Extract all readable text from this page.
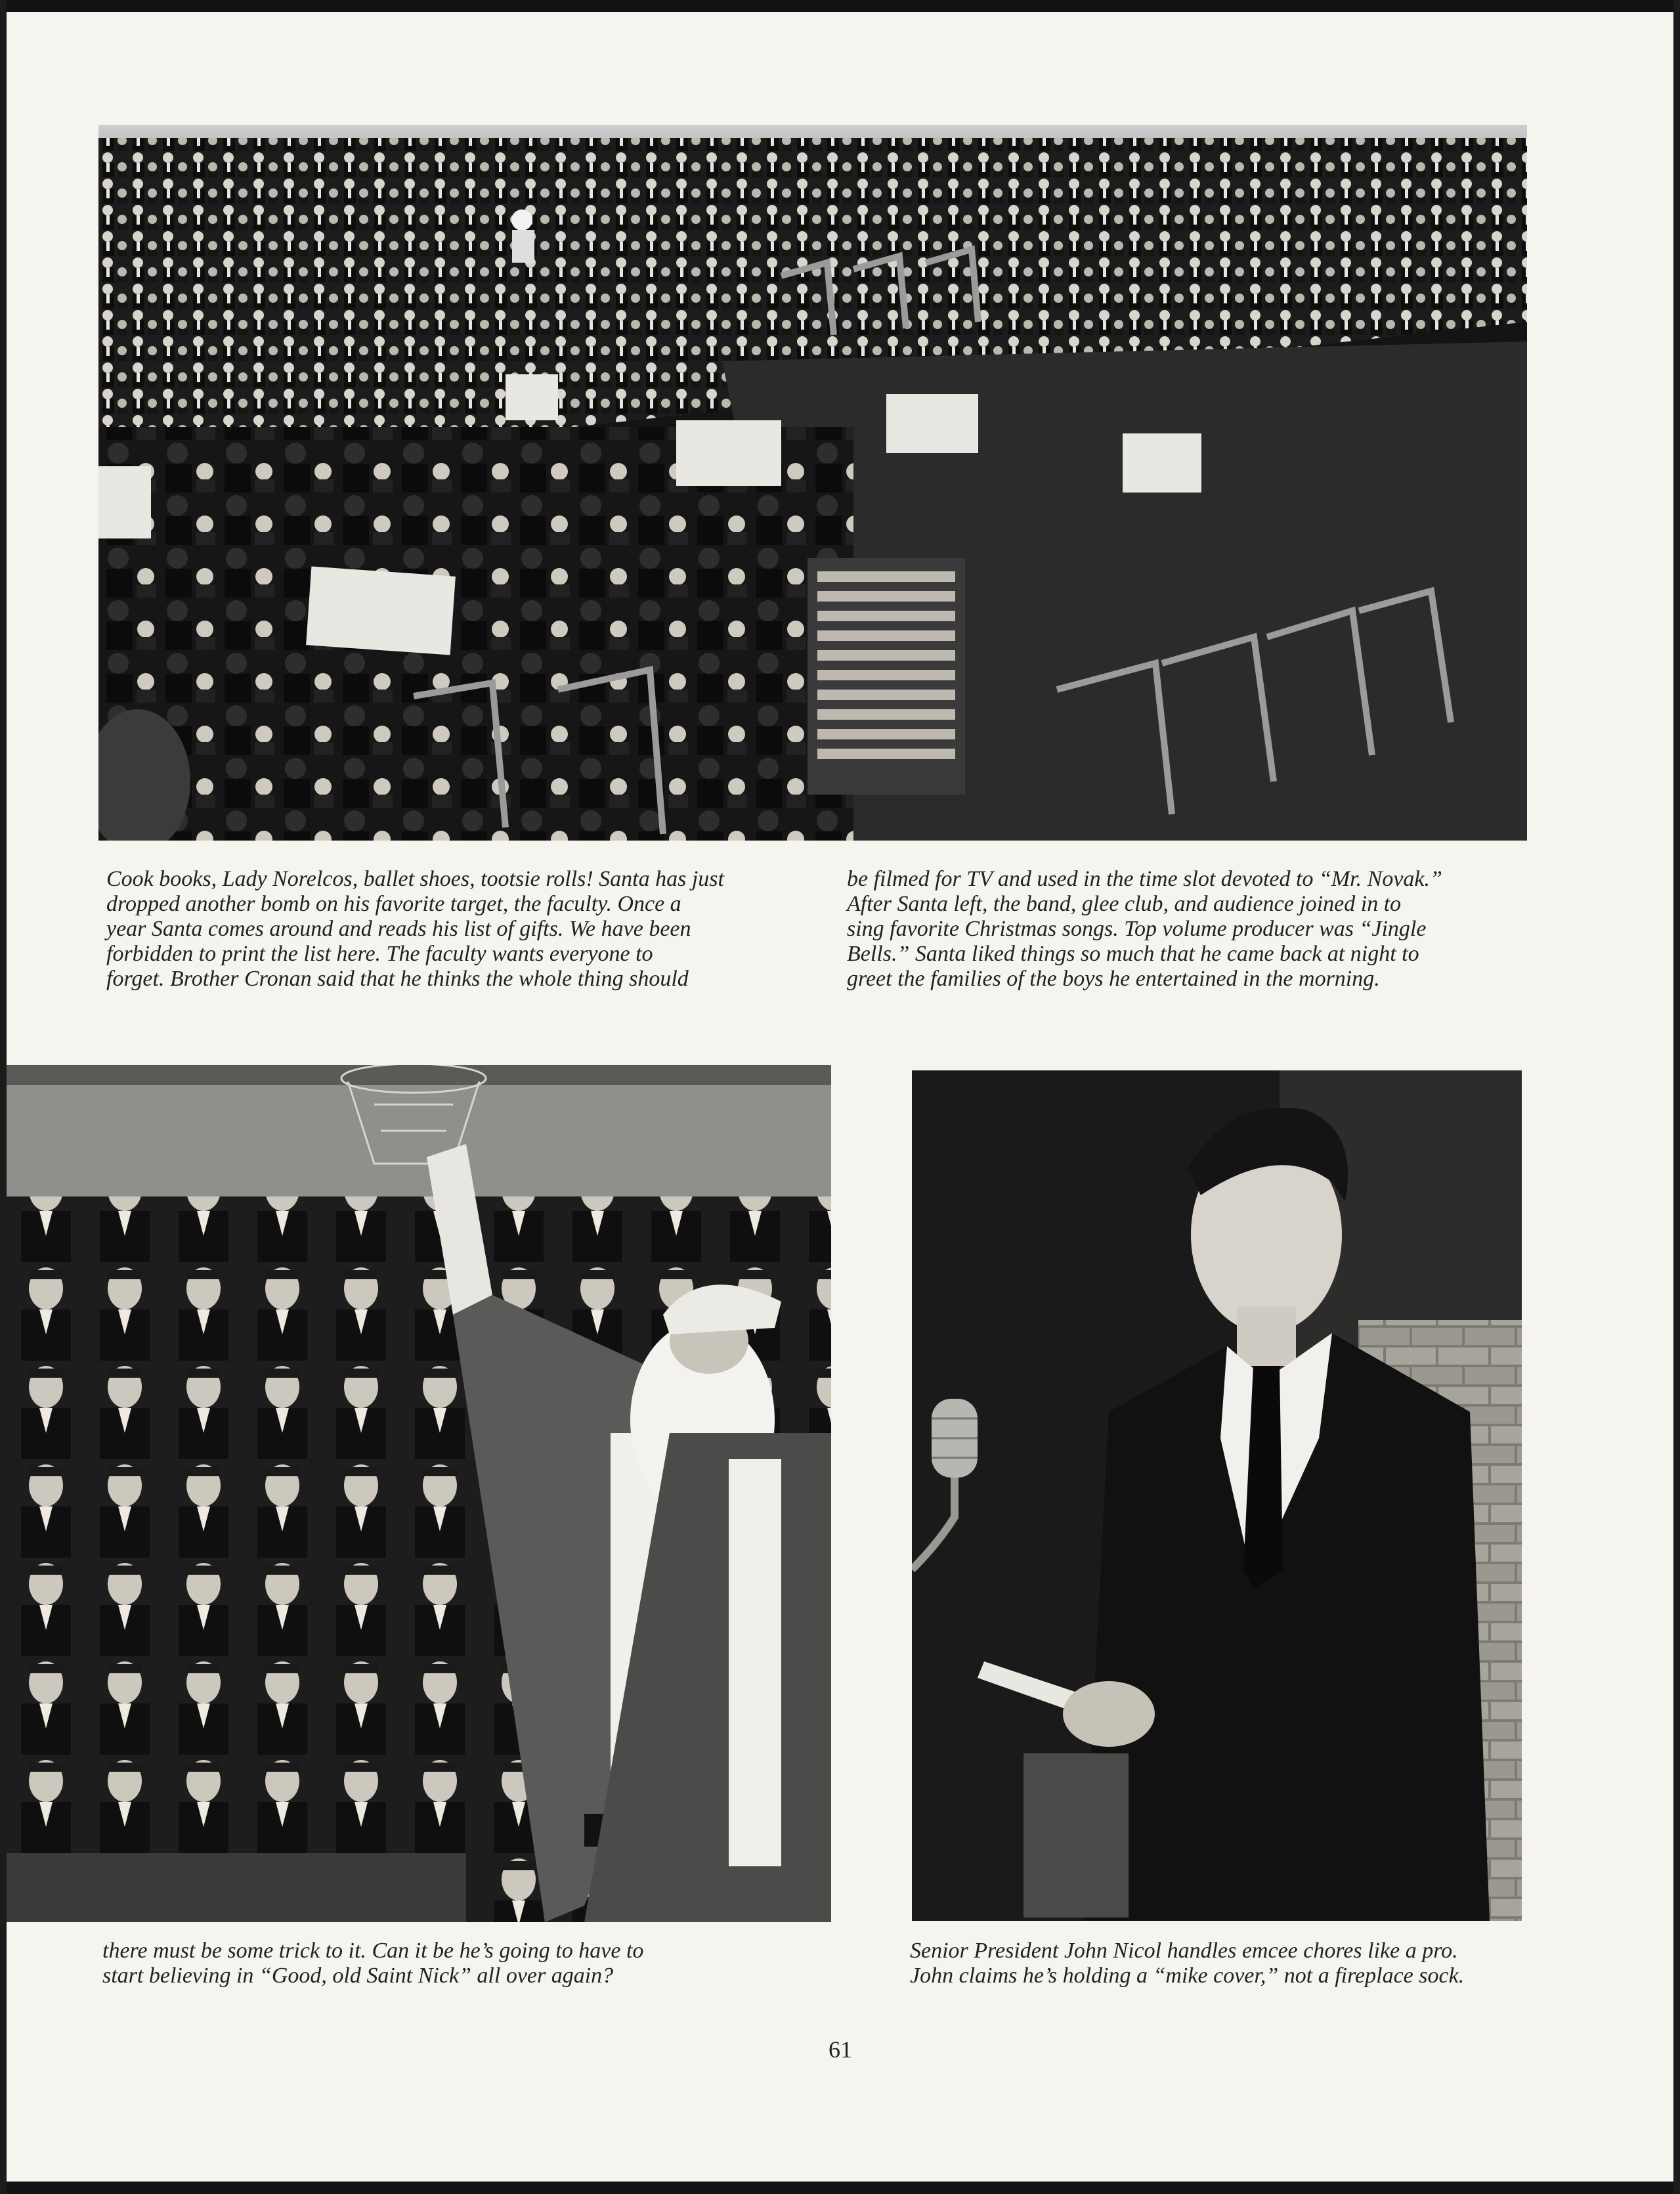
Cook books, Lady Norelcos, ballet shoes, tootsie rolls! Santa has just
dropped another bomb on his favorite target, the faculty. Once a
year Santa comes around and reads his list of gifts. We have been
forbidden to print the list here. The faculty wants everyone to
forget. Brother Cronan said that he thinks the whole thing should
be filmed for TV and used in the time slot devoted to “Mr. Novak.”
After Santa left, the band, glee club, and audience joined in to
sing favorite Christmas songs. Top volume producer was “Jingle
Bells.” Santa liked things so much that he came back at night to
greet the families of the boys he entertained in the morning.
there must be some trick to it. Can it be he’s going to have to
start believing in “Good, old Saint Nick” all over again?
Senior President John Nicol handles emcee chores like a pro.
John claims he’s holding a “mike cover,” not a fireplace sock.
61
